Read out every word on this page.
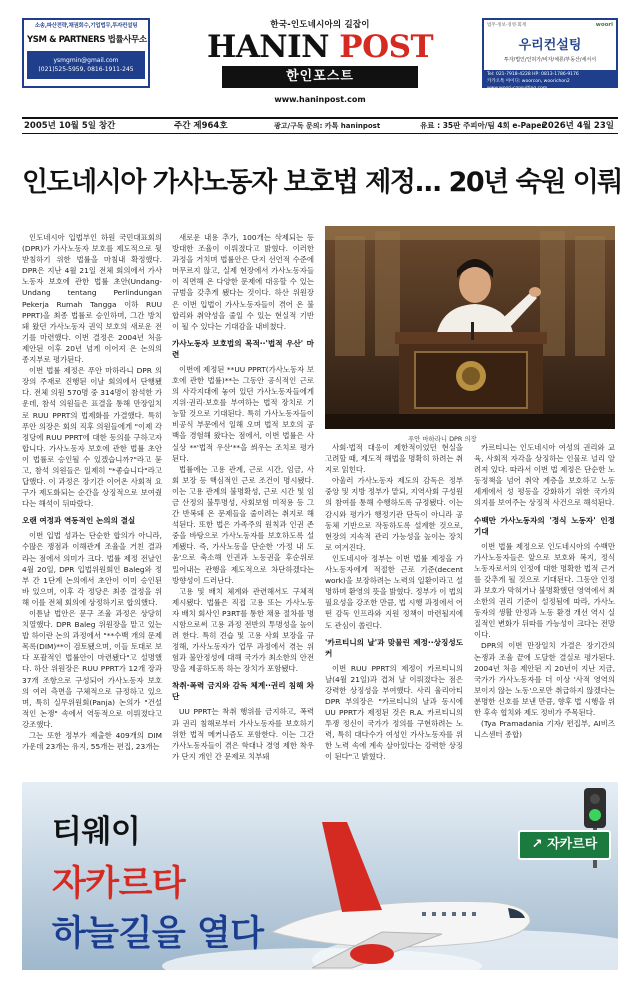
소송,파산전략,채권회수,기업법무,투자컨설팅
YSM & PARTNERS 법률사무소
ysmgmin@gmail.com
(021)525-5959, 0816-1911-245
한국-인도네시아의 길잡이
HANIN POST
한인포스트
www.haninpost.com
법무·정보·경영·회계	woori
우리컨설팅
투자/법인/인허가/비자/체류/부동산/세서서
Tel: 021-7918-4228 HP: 0813-1786-9176
카카오톡 아이디: woorcon, woorichon2
www.woori-consulting.com
2005년 10월 5일 창간	주간 제964호	광고/구독 문의: 카톡 haninpost	유료 : 35판 주피아/팀 4회 e-Paper
2026년 4월 23일
인도네시아 가사노동자 보호법 제정... 20년 숙원 이뤄

인도네시아 입법부인 하원 국민대표회의(DPR)가 가사노동자 보호를 제도적으로 뒷받침하기 위한 법률을 마침내 확정했다. DPR은 지난 4월 21일 전체 회의에서 가사노동자 보호에 관한 법률 초안(Undang-Undang tentang Perlindungan Pekerja Rumah Tangga 이하 RUU PPRT)을 최종 법률로 승인하며, 그간 방치돼 왔던 가사노동자 권익 보호의 새로운 전기를 마련했다. 이번 결정은 2004년 처음 제안된 이후 20년 넘게 이어져 온 논의의 종지부로 평가된다.

이번 법률 제정은 푸안 마하라니 DPR 의장의 주재로 진행된 이날 회의에서 단행됐다. 전체 의원 570명 중 314명이 참석한 가운데, 참석 의원들은 표결을 통해 만장일치로 RUU PPRT의 법제화를 가결했다. 특히 푸안 의장은 회의 직후 의원들에게 "이제 각 정당에 RUU PPRT에 대한 동의를 구하고자 합니다. 가사노동자 보호에 관한 법률 초안이 법률로 승인될 수 있겠습니까?"라고 묻고, 참석 의원들은 일제히 "*좋습니다"라고 답했다. 이 과정은 장기간 이어온 사회적 요구가 제도화되는 순간을 상징적으로 보여줬다는 해석이 뒤따랐다.

오랜 여정과 역동적인 논의의 결실

이번 입법 성과는 단순한 합의가 아니라, 수많은 쟁점과 이해관계 조율을 거친 결과라는 점에서 의미가 크다. 법률 제정 전날인 4월 20일, DPR 입법위원회인 Baleg와 정부 간 1단계 논의에서 초안이 이미 승인된 바 있으며, 이후 각 정당은 최종 결정을 위해 이를 전체 회의에 상정하기로 합의했다.

이튿날 법안은 문구 조율 과정은 상당히 치열했다. DPR Baleg 위원장을 맡고 있는 밥 하이란 논의 과정에서 "**수백 개의 문제 목록(DIM)**이 검토됐으며, 이들 토대로 보다 포괄적인 법률안이 마련됐다"고 설명했다. 하산 위원장은 RUU PPRT가 12개 장과 37개 조항으로 구성되어 가사노동자 보호의 여러 측면을 구체적으로 규정하고 있으며, 특히 실무위원회(Panja) 논의가 "건설적인 논쟁" 속에서 역동적으로 이뤄졌다고 강조했다.

그는 또한 정부가 제출한 409개의 DIM 가운데 23개는 유지, 55개는 편집, 23개는

새로운 내용 추가, 100개는 삭제되는 등 방대한 조율이 이뤄졌다고 밝혔다. 이러한 과정을 거치며 법률안은 단지 선언적 수준에 머무르지 않고, 실제 현장에서 가사노동자들이 직면해 온 다양한 문제에 대응할 수 있는 규범을 갖추게 됐다는 것이다. 하산 위원장은 이번 입법이 가사노동자들이 겪어 온 불합리와 취약성을 줄일 수 있는 현실적 기반이 될 수 있다는 기대감을 내비쳤다.

가사노동자 보호법의 목적··'법적 우산' 마련

이번에 제정된 **UU PPRT(가사노동자 보호에 관한 법률)**는 그동안 공식적인 근로의 사각지대에 놓여 있던 가사노동자들에게 지위·권리·보호를 부여하는 법적 장치로 기능할 것으로 기대된다. 특히 가사노동자들이 비공식 부문에서 일해 오며 법적 보호의 공백을 경험해 왔다는 점에서, 이번 법률은 사실상 **'법적 우산'**을 씌우는 조치로 평가된다.

법률에는 고용 관계, 근로 시간, 임금, 사회 보장 등 핵심적인 근로 조건이 명시됐다. 이는 고용 관계의 불명확성, 근로 시간 및 임금 산정의 불투명성, 사회보험 미적용 등 그간 반복돼 온 문제들을 줄이려는 취지로 해석된다. 또한 법은 가족주의 원칙과 인권 존중을 바탕으로 가사노동자를 보호하도록 설계됐다. 즉, 가사노동을 단순한 '가정 내 도움'으로 축소해 인권과 노동권을 후순위로 밀어내는 관행을 제도적으로 차단하겠다는 방향성이 드러난다.

고용 및 배치 체계와 관련해서도 구체적 제시됐다. 법률은 직접 고용 또는 가사노동자 배치 회사인 P3RT를 통한 채용 절차를 명시함으로써 고용 과정 전반의 투명성을 높이려 한다. 특히 견습 및 고용 사회 보장을 규정해, 가사노동자가 업무 과정에서 겪는 위험과 불안정성에 대해 국가가 최소한의 안전망을 제공하도록 하는 장치가 포함됐다.

착취·폭력 금지와 감독 체계··권리 침해 차단

UU PPRT는 착취 행위를 금지하고, 폭력과 권리 침해로부터 가사노동자를 보호하기 위한 법적 메커니즘도 포함한다. 이는 그간 가사노동자들이 겪은 학대나 경영 제한 착우가 단지 개인 간 문제로 치부돼

사회·법적 대응이 제한적이었던 현실을 고려할 때, 제도적 해법을 명확히 하려는 취지로 읽힌다.

아울러 가사노동자 제도의 감독은 정부 중앙 및 지방 정부가 맡되, 지역사회 구성원의 참여를 통해 수행하도록 규정됐다. 이는 감시와 평가가 행정기관 단독이 아니라 공동체 기반으로 작동하도록 설계한 것으로, 현장의 지속적 관리 가능성을 높이는 장치로 여겨진다.

인도네시아 정부는 이번 법률 제정을 가사노동자에게 적절한 근로 기준(decent work)을 보장하려는 노력의 일환이라고 설명하며 환영의 뜻을 밝혔다. 정부가 이 법의 필요성을 강조한 만큼, 법 시행 과정에서 어떤 감독 인프라와 지원 정책이 마련될지에도 관심이 쏠린다.

'카르티니의 날'과 맞물린 제정··상징성도 커

이번 RUU PPRT의 제정이 카르티니의 날(4월 21일)과 겹쳐 날 이뤄졌다는 점은 강력한 상징성을 부여했다. 사리 율리아티 DPR 부의장은 "카르티니의 날과 동시에 UU PPRT가 제정된 것은 R.A. 카르티니의 투쟁 정신이 국가가 정의를 구현하려는 노력, 특히 대다수가 여성인 가사노동자를 위한 노력 속에 계속 살아있다는 강력한 상징이 된다"고 밝혔다.

카르티니는 인도네시아 여성의 권리와 교육, 사회적 자각을 상징하는 인물로 널리 알려져 있다. 따라서 이번 법 제정은 단순한 노동정책을 넘어 취약 계층을 보호하고 노동 세계에서 성 평등을 강화하기 위한 국가의 의지를 보여주는 상징적 사건으로 해석된다.

수백만 가사노동자의 '정식 노동자' 인정 기대

이번 법률 제정으로 인도네시아의 수백만 가사노동자들은 앞으로 보호와 복지, 정식 노동자로서의 인정에 대한 명확한 법적 근거를 갖추게 될 것으로 기대된다. 그동안 인정과 보호가 막혀거나 불명확했던 영역에서 최소한의 권리 기준이 설정됨에 따라, 가사노동자의 생활 안정과 노동 환경 개선 역시 실질적인 변화가 뒤따를 가능성이 크다는 전망이다.

DPR의 이번 만장일치 가결은 장기간의 논쟁과 조율 끝에 도달한 결실로 평가된다. 2004년 처음 제안된 지 20년이 지난 지금, 국가가 가사노동자를 더 이상 '사적 영역의 보이지 않는 노동'으로만 취급하지 않겠다는 분명한 신호를 보낸 만큼, 향후 법 시행을 위한 후속 협치와 제도 정비가 주목된다.

(Tya Pramadania 기자/ 편집부, AI비즈니스센터 종합)

푸안 마하라니 DPR 의장
티웨이
자카르타
하늘길을 열다
↗ 자카르타
